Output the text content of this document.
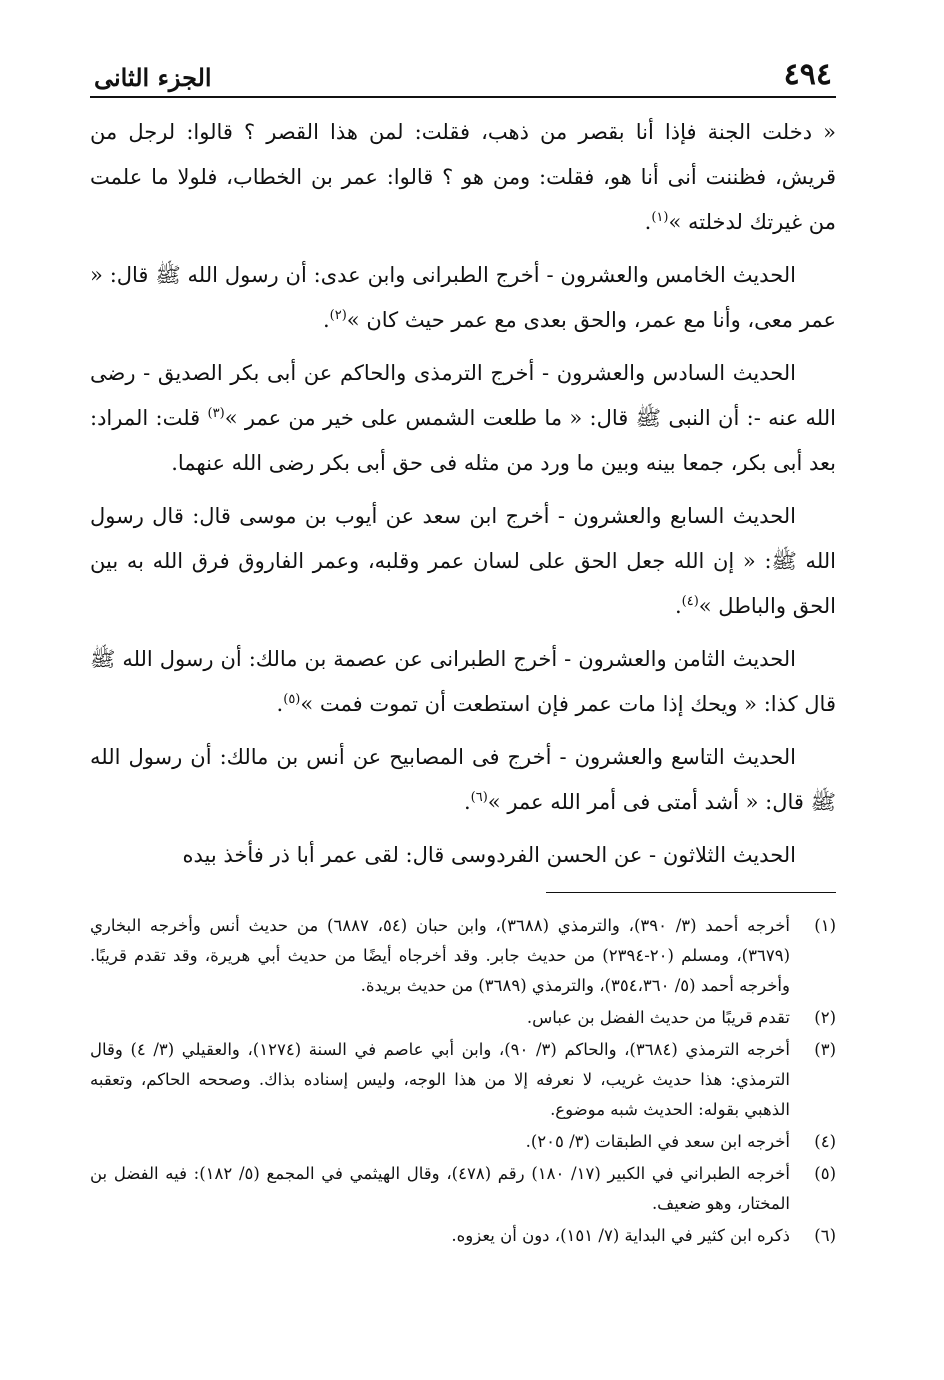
٤٩٤
الجزء الثانى

« دخلت الجنة فإذا أنا بقصر من ذهب، فقلت: لمن هذا القصر ؟ قالوا: لرجل من قريش، فظننت أنى أنا هو، فقلت: ومن هو ؟ قالوا: عمر بن الخطاب، فلولا ما علمت من غيرتك لدخلته »$^{(١)}$.

الحديث الخامس والعشرون - أخرج الطبرانى وابن عدى: أن رسول الله ﷺ قال: « عمر معى، وأنا مع عمر، والحق بعدى مع عمر حيث كان »$^{(٢)}$.

الحديث السادس والعشرون - أخرج الترمذى والحاكم عن أبى بكر الصديق - رضى الله عنه -: أن النبى ﷺ قال: « ما طلعت الشمس على خير من عمر »$^{(٣)}$ قلت: المراد: بعد أبى بكر، جمعا بينه وبين ما ورد من مثله فى حق أبى بكر رضى الله عنهما.

الحديث السابع والعشرون - أخرج ابن سعد عن أيوب بن موسى قال: قال رسول الله ﷺ: « إن الله جعل الحق على لسان عمر وقلبه، وعمر الفاروق فرق الله به بين الحق والباطل »$^{(٤)}$.

الحديث الثامن والعشرون - أخرج الطبرانى عن عصمة بن مالك: أن رسول الله ﷺ قال كذا: « ويحك إذا مات عمر فإن استطعت أن تموت فمت »$^{(٥)}$.

الحديث التاسع والعشرون - أخرج فى المصابيح عن أنس بن مالك: أن رسول الله ﷺ قال: « أشد أمتى فى أمر الله عمر »$^{(٦)}$.

الحديث الثلاثون - عن الحسن الفردوسى قال: لقى عمر أبا ذر فأخذ بيده

(١)
أخرجه أحمد (٣/ ٣٩٠)، والترمذي (٣٦٨٨)، وابن حبان (٥٤، ٦٨٨٧) من حديث أنس وأخرجه البخاري (٣٦٧٩)، ومسلم (٢٠-٢٣٩٤) من حديث جابر. وقد أخرجاه أيضًا من حديث أبي هريرة، وقد تقدم قريبًا. وأخرجه أحمد (٥/ ٣٥٤،٣٦٠)، والترمذي (٣٦٨٩) من حديث بريدة.
(٢)
تقدم قريبًا من حديث الفضل بن عباس.
(٣)
أخرجه الترمذي (٣٦٨٤)، والحاكم (٣/ ٩٠)، وابن أبي عاصم في السنة (١٢٧٤)، والعقيلي (٣/ ٤) وقال الترمذي: هذا حديث غريب، لا نعرفه إلا من هذا الوجه، وليس إسناده بذاك. وصححه الحاكم، وتعقبه الذهبي بقوله: الحديث شبه موضوع.
(٤)
أخرجه ابن سعد في الطبقات (٣/ ٢٠٥).
(٥)
أخرجه الطبراني في الكبير (١٧/ ١٨٠) رقم (٤٧٨)، وقال الهيثمي في المجمع (٥/ ١٨٢): فيه الفضل بن المختار، وهو ضعيف.
(٦)
ذكره ابن كثير في البداية (٧/ ١٥١)، دون أن يعزوه.
